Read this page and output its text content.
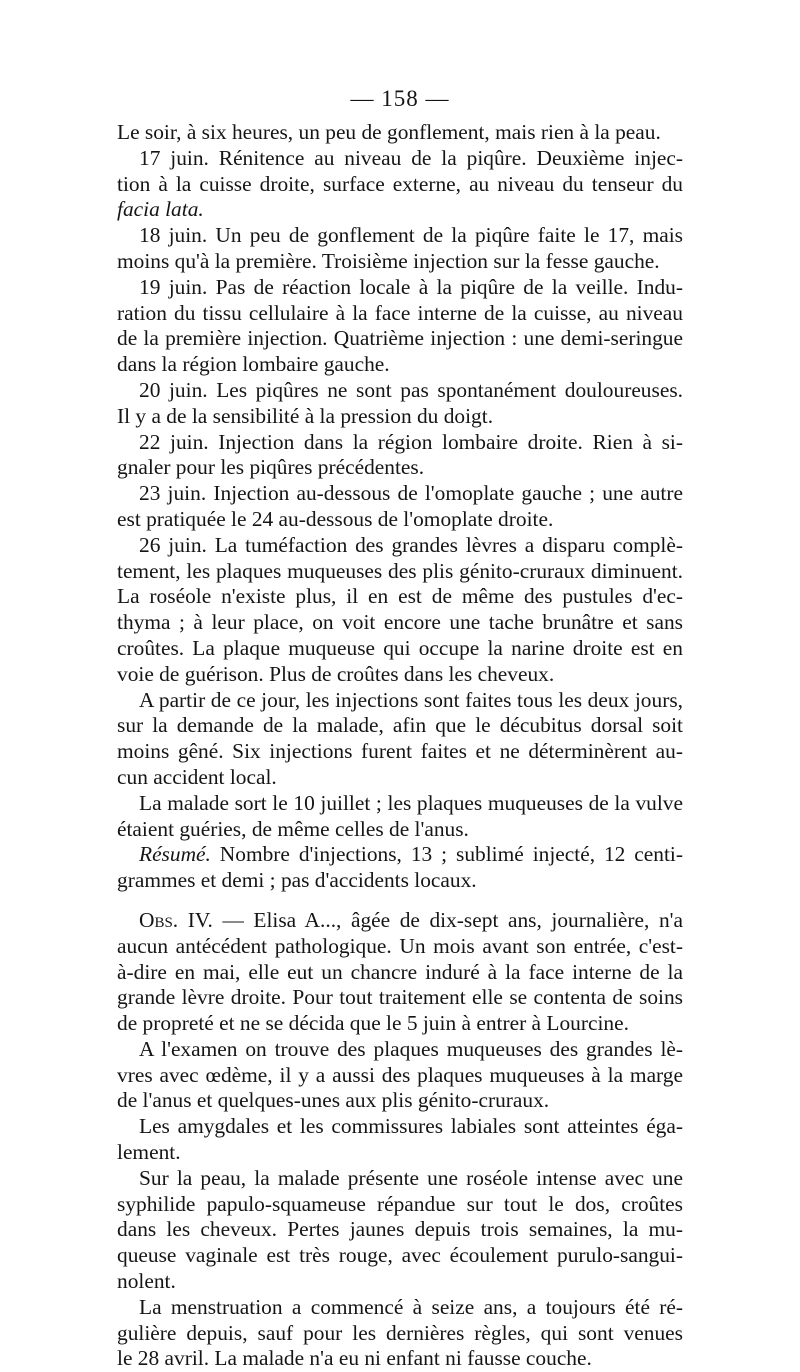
— 158 —

Le soir, à six heures, un peu de gonflement, mais rien à la peau.

17 juin. Rénitence au niveau de la piqûre. Deuxième injec-

tion à la cuisse droite, surface externe, au niveau du tenseur du

facia lata.

18 juin. Un peu de gonflement de la piqûre faite le 17, mais

moins qu'à la première. Troisième injection sur la fesse gauche.

19 juin. Pas de réaction locale à la piqûre de la veille. Indu-

ration du tissu cellulaire à la face interne de la cuisse, au niveau

de la première injection. Quatrième injection : une demi-seringue

dans la région lombaire gauche.

20 juin. Les piqûres ne sont pas spontanément douloureuses.

Il y a de la sensibilité à la pression du doigt.

22 juin. Injection dans la région lombaire droite. Rien à si-

gnaler pour les piqûres précédentes.

23 juin. Injection au-dessous de l'omoplate gauche ; une autre

est pratiquée le 24 au-dessous de l'omoplate droite.

26 juin. La tuméfaction des grandes lèvres a disparu complè-

tement, les plaques muqueuses des plis génito-cruraux diminuent.

La roséole n'existe plus, il en est de même des pustules d'ec-

thyma ; à leur place, on voit encore une tache brunâtre et sans

croûtes. La plaque muqueuse qui occupe la narine droite est en

voie de guérison. Plus de croûtes dans les cheveux.

A partir de ce jour, les injections sont faites tous les deux jours,

sur la demande de la malade, afin que le décubitus dorsal soit

moins gêné. Six injections furent faites et ne déterminèrent au-

cun accident local.

La malade sort le 10 juillet ; les plaques muqueuses de la vulve

étaient guéries, de même celles de l'anus.

Résumé. Nombre d'injections, 13 ; sublimé injecté, 12 centi-

grammes et demi ; pas d'accidents locaux.

Obs. IV. — Elisa A..., âgée de dix-sept ans, journalière, n'a

aucun antécédent pathologique. Un mois avant son entrée, c'est-

à-dire en mai, elle eut un chancre induré à la face interne de la

grande lèvre droite. Pour tout traitement elle se contenta de soins

de propreté et ne se décida que le 5 juin à entrer à Lourcine.

A l'examen on trouve des plaques muqueuses des grandes lè-

vres avec œdème, il y a aussi des plaques muqueuses à la marge

de l'anus et quelques-unes aux plis génito-cruraux.

Les amygdales et les commissures labiales sont atteintes éga-

lement.

Sur la peau, la malade présente une roséole intense avec une

syphilide papulo-squameuse répandue sur tout le dos, croûtes

dans les cheveux. Pertes jaunes depuis trois semaines, la mu-

queuse vaginale est très rouge, avec écoulement purulo-sangui-

nolent.

La menstruation a commencé à seize ans, a toujours été ré-

gulière depuis, sauf pour les dernières règles, qui sont venues

le 28 avril. La malade n'a eu ni enfant ni fausse couche.
